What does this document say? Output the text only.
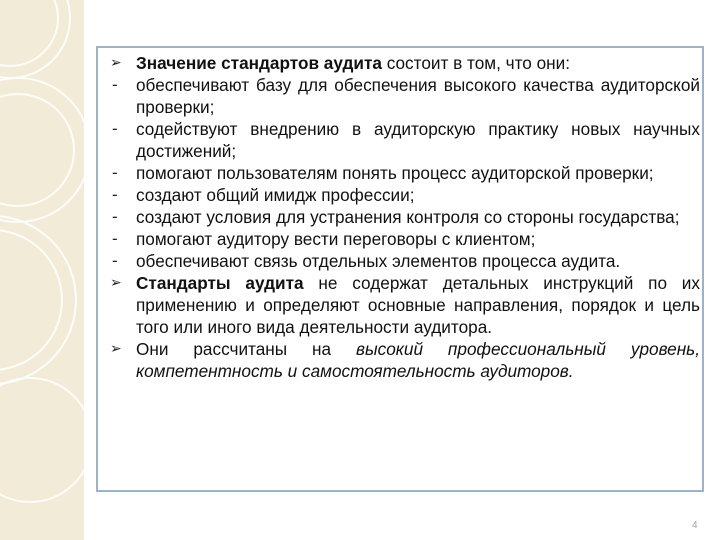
➢ Значение стандартов аудита состоит в том, что они:

-	обеспечивают базу для обеспечения высокого качества аудиторской проверки;

-	содействуют внедрению в аудиторскую практику новых научных достижений;

-	помогают пользователям понять процесс аудиторской проверки;

-	создают общий имидж профессии;

-	создают условия для устранения контроля со стороны государства;

-	помогают аудитору вести переговоры с клиентом;

-	обеспечивают связь отдельных элементов процесса аудита.

➢ Стандарты аудита не содержат детальных инструкций по их применению и определяют основные направления, порядок и цель того или иного вида деятельности аудитора.

➢ Они рассчитаны на высокий профессиональный уровень, компетентность и самостоятельность аудиторов.

4
